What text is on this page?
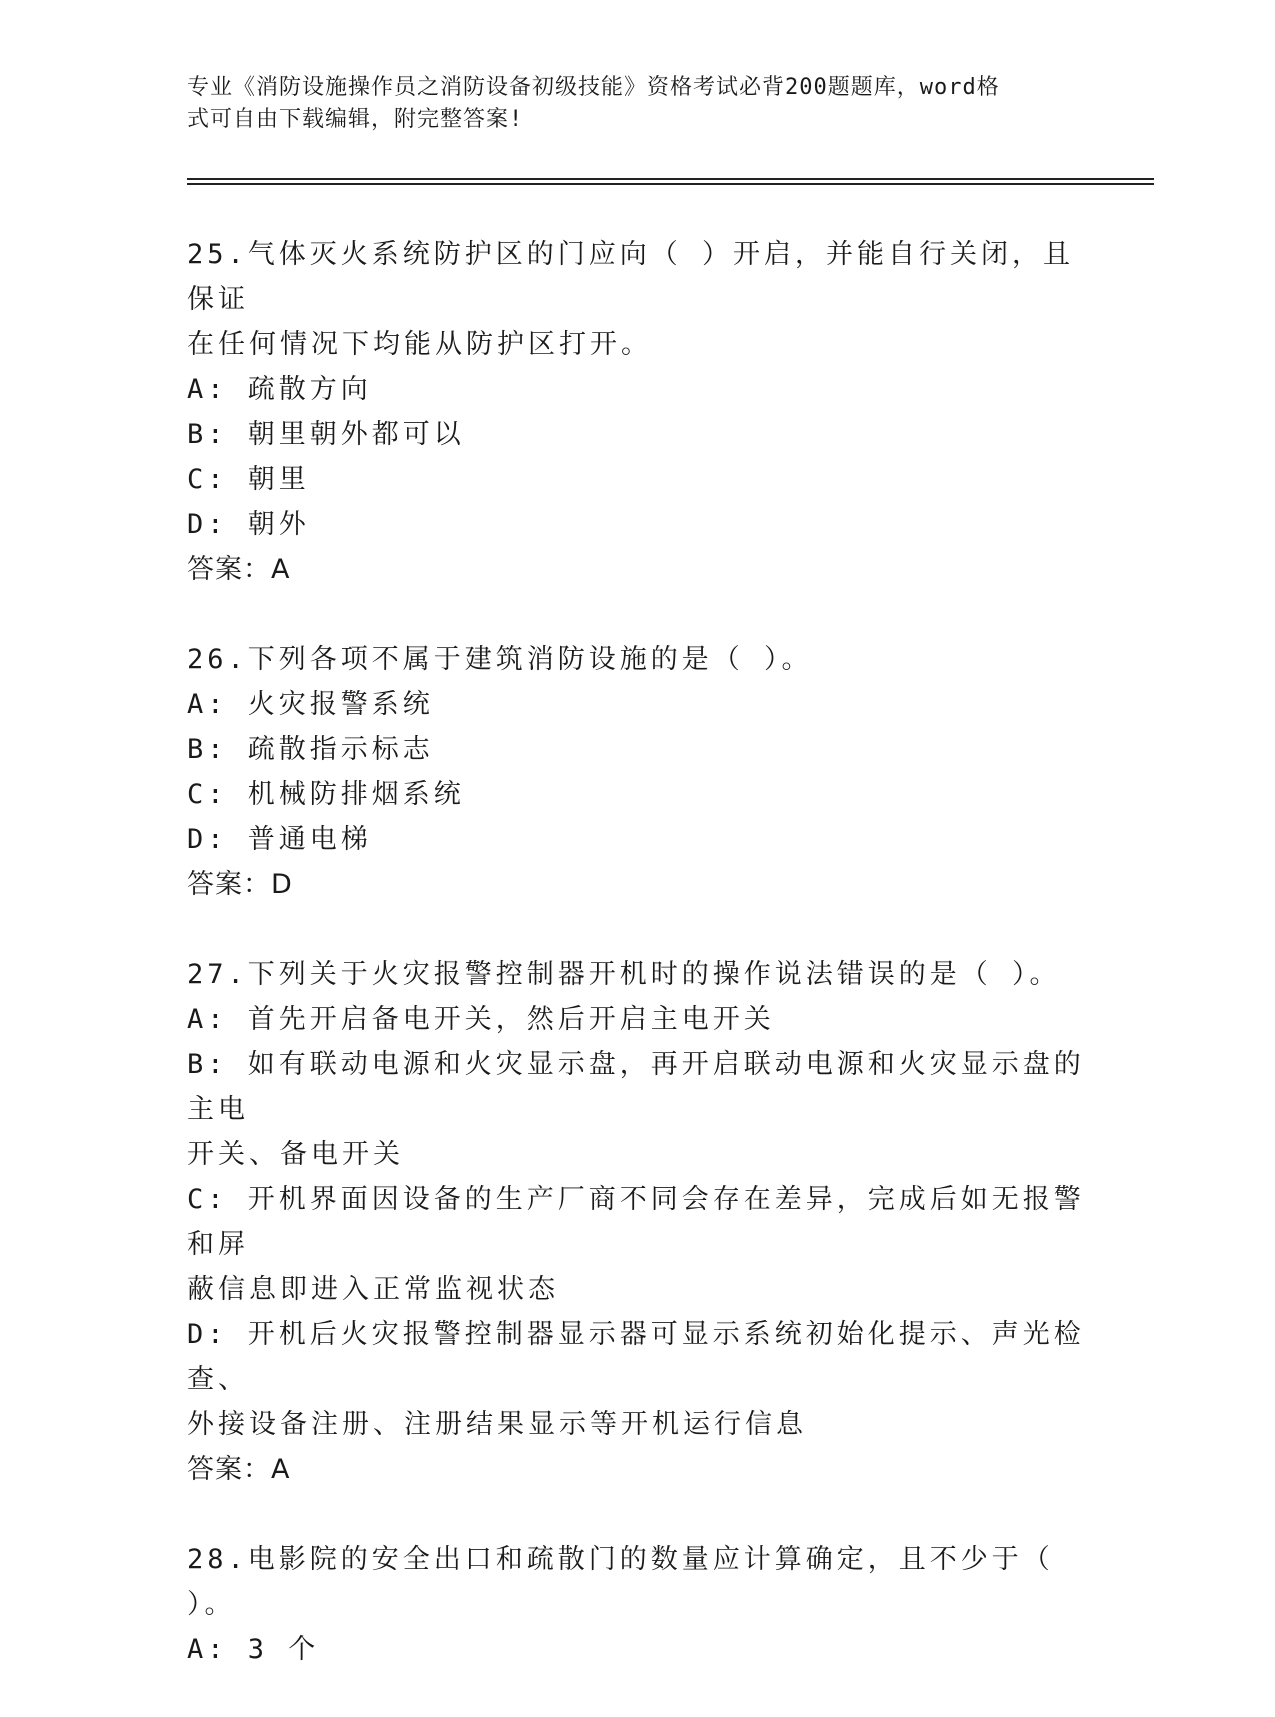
专业《消防设施操作员之消防设备初级技能》资格考试必背200题题库，word格
式可自由下载编辑，附完整答案!

25.气体灭火系统防护区的门应向（ ）开启，并能自行关闭，且保证

在任何情况下均能从防护区打开。

A: 疏散方向

B: 朝里朝外都可以

C: 朝里

D: 朝外

答案：A

26.下列各项不属于建筑消防设施的是（ ）。

A: 火灾报警系统

B: 疏散指示标志

C: 机械防排烟系统

D: 普通电梯

答案：D

27.下列关于火灾报警控制器开机时的操作说法错误的是（ ）。

A: 首先开启备电开关，然后开启主电开关

B: 如有联动电源和火灾显示盘，再开启联动电源和火灾显示盘的主电

开关、备电开关

C: 开机界面因设备的生产厂商不同会存在差异，完成后如无报警和屏

蔽信息即进入正常监视状态

D: 开机后火灾报警控制器显示器可显示系统初始化提示、声光检查、

外接设备注册、注册结果显示等开机运行信息

答案：A

28.电影院的安全出口和疏散门的数量应计算确定，且不少于（ ）。

A: 3 个
